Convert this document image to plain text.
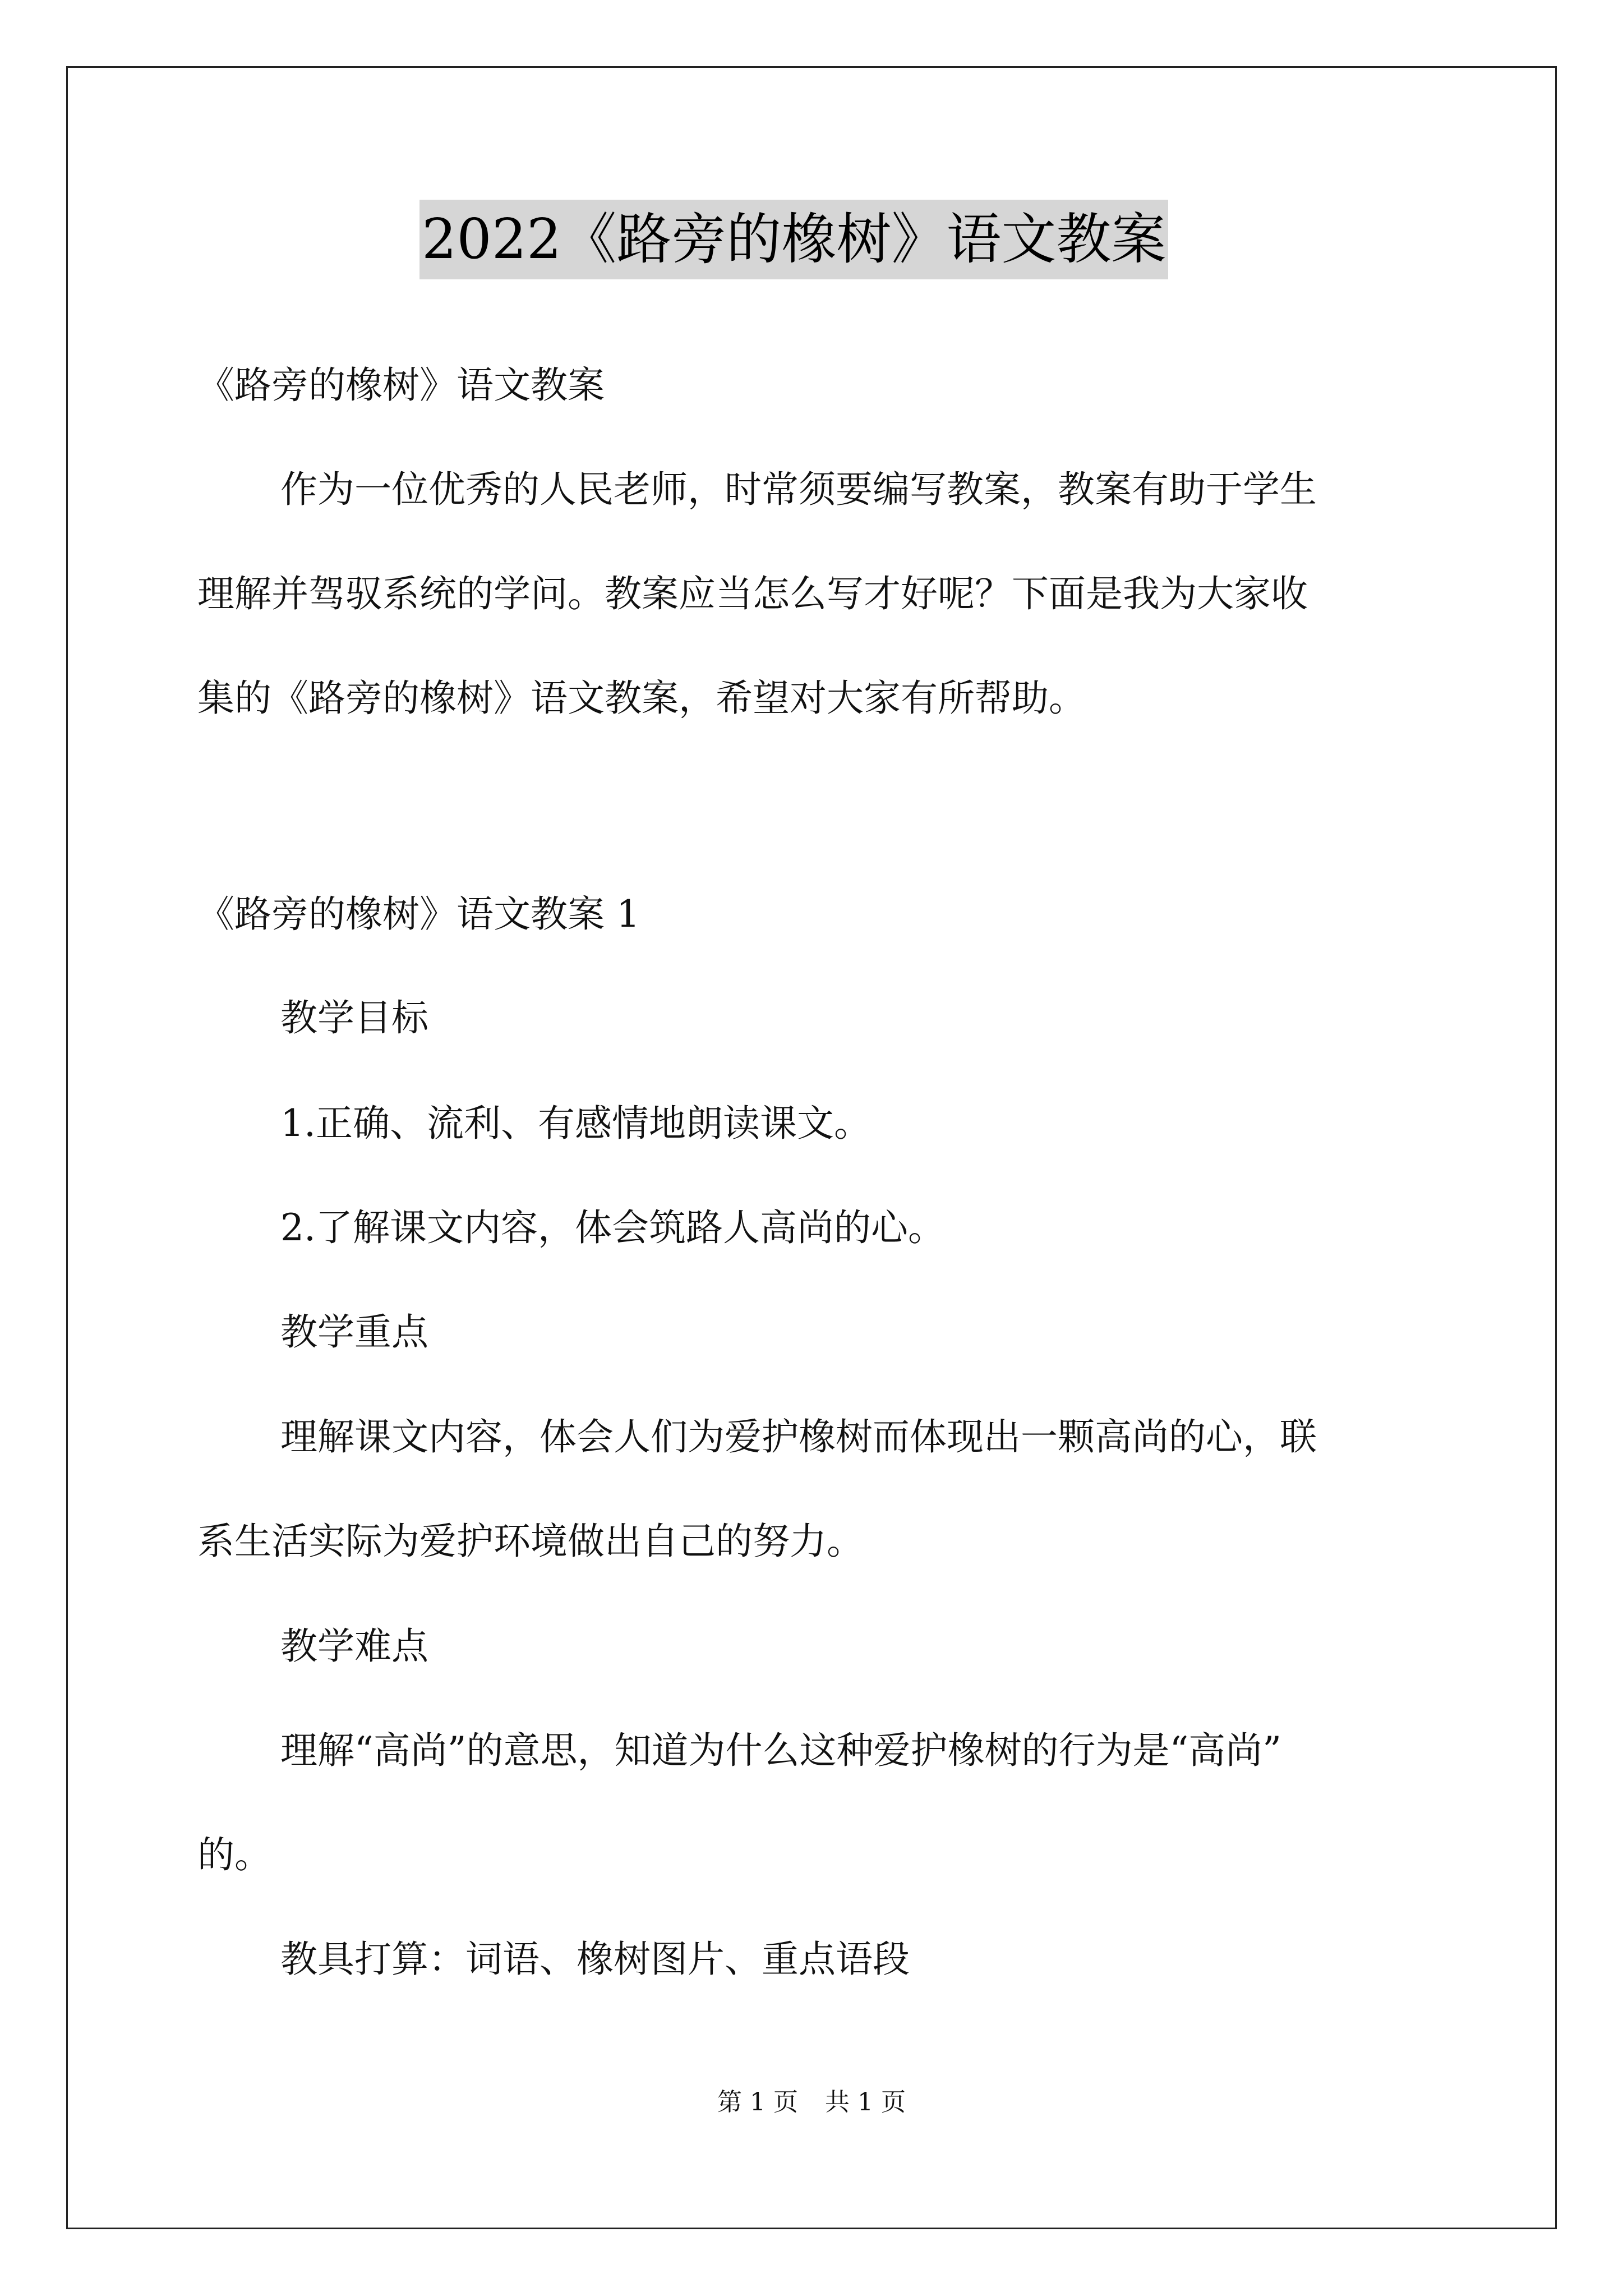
2022《路旁的橡树》语文教案
《路旁的橡树》语文教案
作为一位优秀的人民老师，时常须要编写教案，教案有助于学生
理解并驾驭系统的学问。教案应当怎么写才好呢？下面是我为大家收
集的《路旁的橡树》语文教案，希望对大家有所帮助。
《路旁的橡树》语文教案 1
教学目标
1.正确、流利、有感情地朗读课文。
2.了解课文内容，体会筑路人高尚的心。
教学重点
理解课文内容，体会人们为爱护橡树而体现出一颗高尚的心，联
系生活实际为爱护环境做出自己的努力。
教学难点
理解“高尚”的意思，知道为什么这种爱护橡树的行为是“高尚”
的。
教具打算：词语、橡树图片、重点语段
第 1 页 共 1 页
